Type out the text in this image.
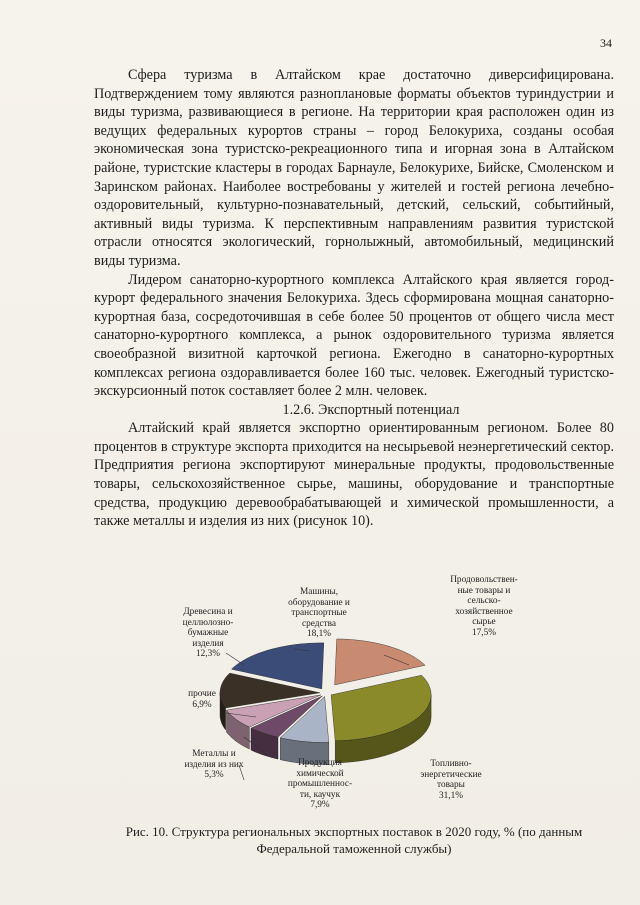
34

Сфера туризма в Алтайском крае достаточно диверсифицирована. Подтверждением тому являются разноплановые форматы объектов туриндустрии и виды туризма, развивающиеся в регионе. На территории края расположен один из ведущих федеральных курортов страны – город Белокуриха, созданы особая экономическая зона туристско-рекреационного типа и игорная зона в Алтайском районе, туристские кластеры в городах Барнауле, Белокурихе, Бийске, Смоленском и Заринском районах. Наиболее востребованы у жителей и гостей региона лечебно-оздоровительный, культурно-познавательный, детский, сельский, событийный, активный виды туризма. К перспективным направлениям развития туристской отрасли относятся экологический, горнолыжный, автомобильный, медицинский виды туризма.

Лидером санаторно-курортного комплекса Алтайского края является город-курорт федерального значения Белокуриха. Здесь сформирована мощная санаторно-курортная база, сосредоточившая в себе более 50 процентов от общего числа мест санаторно-курортного комплекса, а рынок оздоровительного туризма является своеобразной визитной карточкой региона. Ежегодно в санаторно-курортных комплексах региона оздоравливается более 160 тыс. человек. Ежегодный туристско-экскурсионный поток составляет более 2 млн. человек.

1.2.6. Экспортный потенциал

Алтайский край является экспортно ориентированным регионом. Более 80 процентов в структуре экспорта приходится на несырьевой неэнергетический сектор. Предприятия региона экспортируют минеральные продукты, продовольственные товары, сельскохозяйственное сырье, машины, оборудование и транспортные средства, продукцию деревообрабатывающей и химической промышленности, а также металлы и изделия из них (рисунок 10).

Продовольствен-
ные товары и
сельско-
хозяйственное
сырье
17,5%
Машины,
оборудование и
транспортные
средства
18,1%
Древесина и
целлюлозно-
бумажные
изделия
12,3%
прочие
6,9%
Металлы и
изделия из них
5,3%
Продукция
химической
промышленнос-
ти, каучук
7,9%
Топливно-
энергетические
товары
31,1%
Рис. 10. Структура региональных экспортных поставок в 2020 году, % (по данным Федеральной таможенной службы)
